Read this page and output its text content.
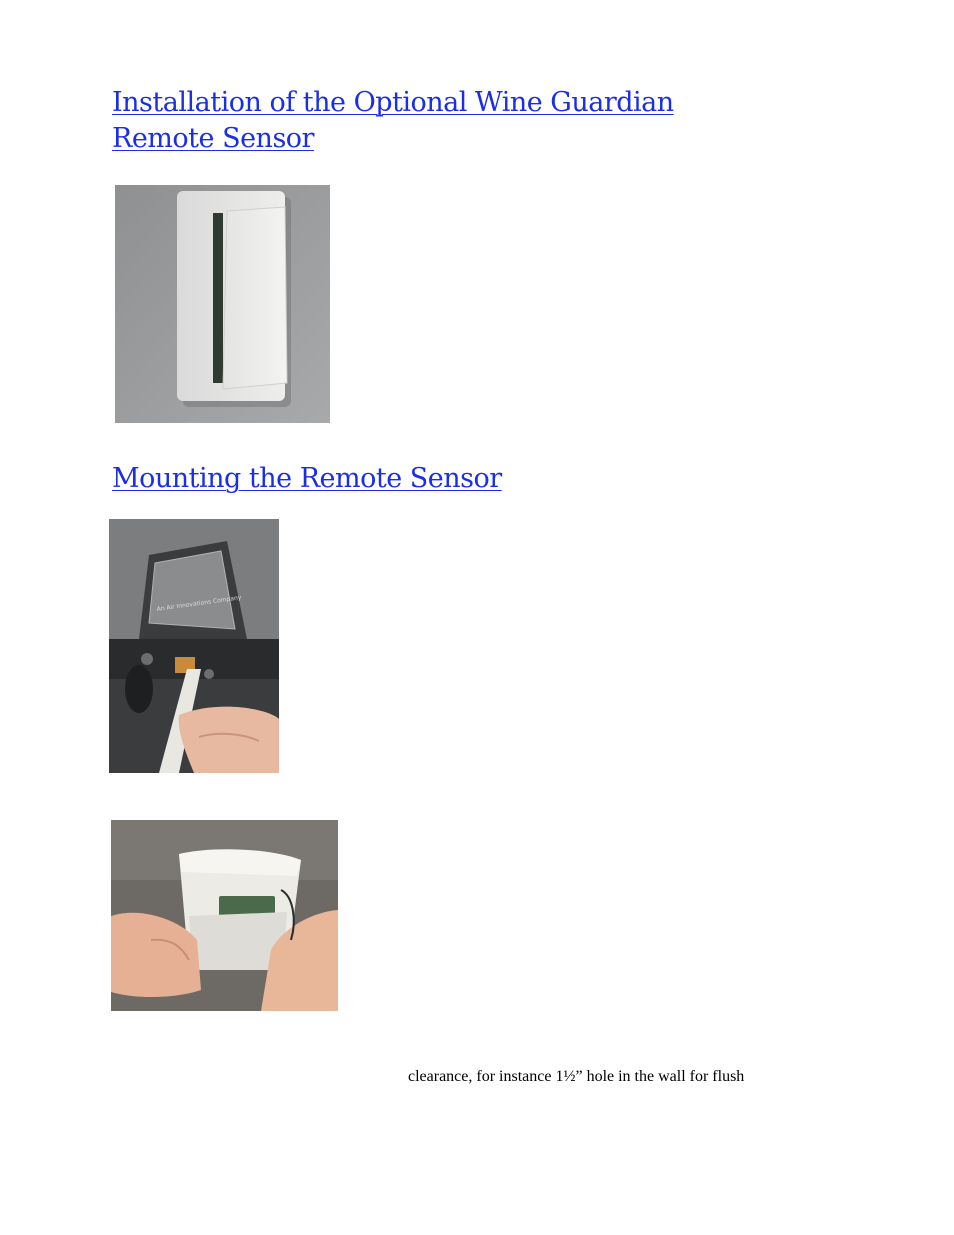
Installation of the Optional Wine Guardian
Remote Sensor
Mounting the Remote Sensor
An Air Innovations Company
clearance, for instance 1½” hole in the wall for flush
